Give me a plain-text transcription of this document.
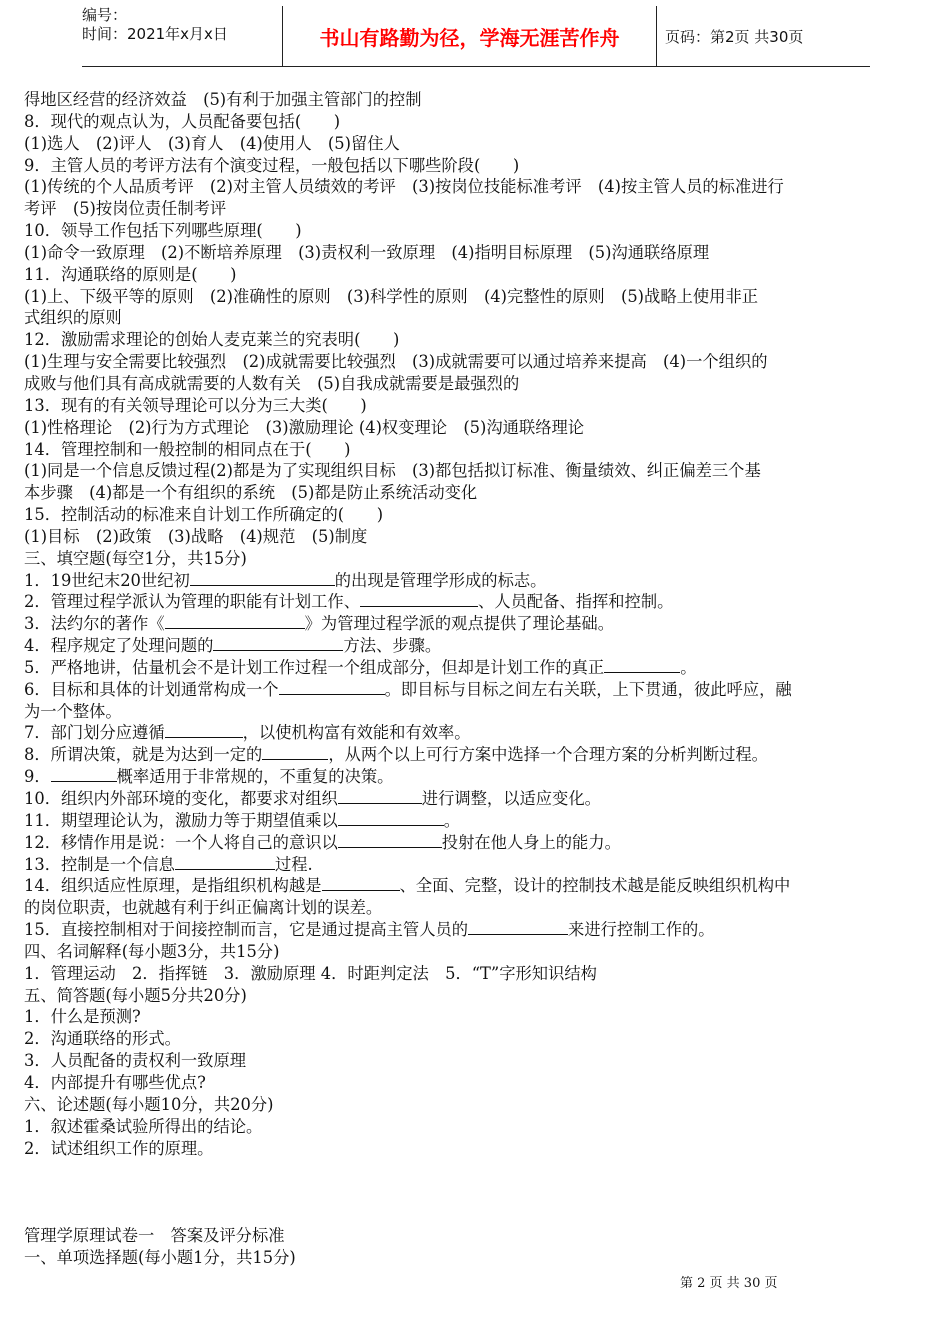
编号：
时间：2021年x月x日	书山有路勤为径，学海无涯苦作舟	页码：第2页 共30页
得地区经营的经济效益　(5)有利于加强主管部门的控制
8．现代的观点认为，人员配备要包括(　　)
(1)选人　(2)评人　(3)育人　(4)使用人　(5)留住人
9．主管人员的考评方法有个演变过程，一般包括以下哪些阶段(　　)
(1)传统的个人品质考评　(2)对主管人员绩效的考评　(3)按岗位技能标准考评　(4)按主管人员的标准进行
考评　(5)按岗位责任制考评
10．领导工作包括下列哪些原理(　　)
(1)命令一致原理　(2)不断培养原理　(3)责权利一致原理　(4)指明目标原理　(5)沟通联络原理
11．沟通联络的原则是(　　)
(1)上、下级平等的原则　(2)准确性的原则　(3)科学性的原则　(4)完整性的原则　(5)战略上使用非正
式组织的原则
12．激励需求理论的创始人麦克莱兰的究表明(　　)
(1)生理与安全需要比较强烈　(2)成就需要比较强烈　(3)成就需要可以通过培养来提高　(4)一个组织的
成败与他们具有高成就需要的人数有关　(5)自我成就需要是最强烈的
13．现有的有关领导理论可以分为三大类(　　)
(1)性格理论　(2)行为方式理论　(3)激励理论 (4)权变理论　(5)沟通联络理论
14．管理控制和一般控制的相同点在于(　　)
(1)同是一个信息反馈过程(2)都是为了实现组织目标　(3)都包括拟订标准、衡量绩效、纠正偏差三个基
本步骤　(4)都是一个有组织的系统　(5)都是防止系统活动变化
15．控制活动的标准来自计划工作所确定的(　　)
(1)目标　(2)政策　(3)战略　(4)规范　(5)制度
三、填空题(每空1分，共15分)
1．19世纪末20世纪初	的出现是管理学形成的标志。
2．管理过程学派认为管理的职能有计划工作、	、人员配备、指挥和控制。
3．法约尔的著作《	》为管理过程学派的观点提供了理论基础。
4．程序规定了处理问题的	方法、步骤。
5．严格地讲，估量机会不是计划工作过程一个组成部分，但却是计划工作的真正	。
6．目标和具体的计划通常构成一个	。即目标与目标之间左右关联，上下贯通，彼此呼应，融
为一个整体。
7．部门划分应遵循	，以使机构富有效能和有效率。
8．所谓决策，就是为达到一定的	，从两个以上可行方案中选择一个合理方案的分析判断过程。
9．	概率适用于非常规的，不重复的决策。
10．组织内外部环境的变化，都要求对组织	进行调整，以适应变化。
11．期望理论认为，激励力等于期望值乘以	。
12．移情作用是说：一个人将自己的意识以	投射在他人身上的能力。
13．控制是一个信息	过程.
14．组织适应性原理，是指组织机构越是	、全面、完整，设计的控制技术越是能反映组织机构中
的岗位职责，也就越有利于纠正偏离计划的误差。
15．直接控制相对于间接控制而言，它是通过提高主管人员的	来进行控制工作的。
四、名词解释(每小题3分，共15分)
1．管理运动　2．指挥链　3．激励原理 4．时距判定法　5．“T”字形知识结构
五、简答题(每小题5分共20分)
1．什么是预测?
2．沟通联络的形式。
3．人员配备的责权利一致原理
4．内部提升有哪些优点?
六、论述题(每小题10分，共20分)
1．叙述霍桑试验所得出的结论。
2．试述组织工作的原理。
管理学原理试卷一　答案及评分标准
一、单项选择题(每小题1分，共15分)
第 2 页 共 30 页
